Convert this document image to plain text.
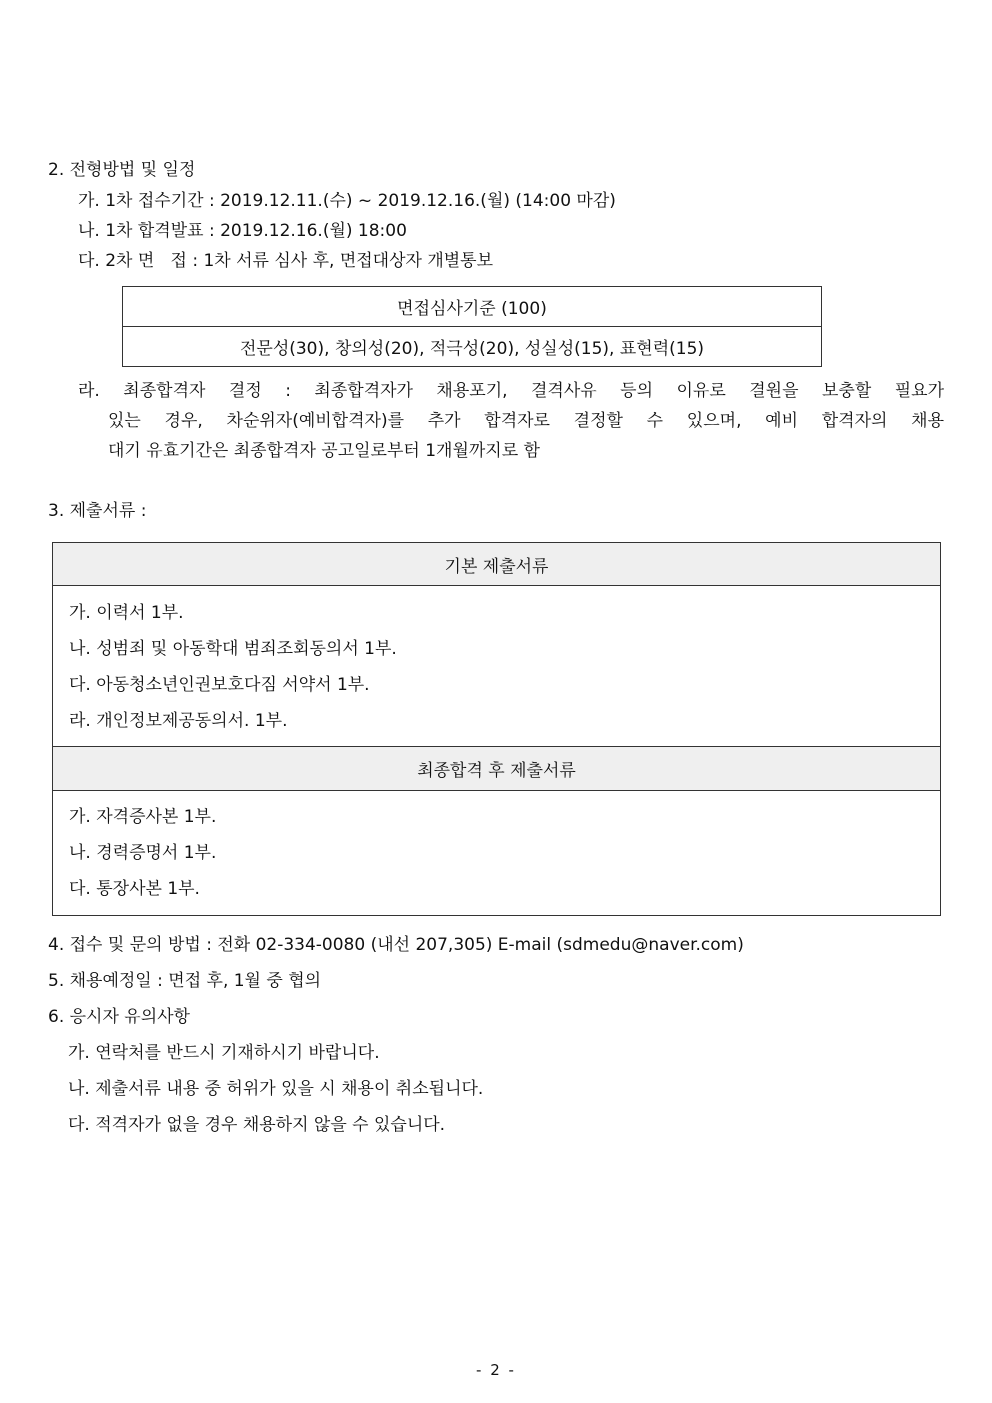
2. 전형방법 및 일정
가. 1차 접수기간 : 2019.12.11.(수) ~ 2019.12.16.(월) (14:00 마감)
나. 1차 합격발표 : 2019.12.16.(월) 18:00
다. 2차 면   접 : 1차 서류 심사 후, 면접대상자 개별통보
면접심사기준 (100)
전문성(30), 창의성(20), 적극성(20), 성실성(15), 표현력(15)
라. 최종합격자 결정 : 최종합격자가 채용포기, 결격사유 등의 이유로 결원을 보충할 필요가
있는 경우, 차순위자(예비합격자)를 추가 합격자로 결정할 수 있으며, 예비 합격자의 채용
대기 유효기간은 최종합격자 공고일로부터 1개월까지로 함
3. 제출서류 :
기본 제출서류
가. 이력서 1부.
나. 성범죄 및 아동학대 범죄조회동의서 1부.
다. 아동청소년인권보호다짐 서약서 1부.
라. 개인정보제공동의서. 1부.
최종합격 후 제출서류
가. 자격증사본 1부.
나. 경력증명서 1부.
다. 통장사본 1부.
4. 접수 및 문의 방법 : 전화 02-334-0080 (내선 207,305) E-mail (sdmedu@naver.com)
5. 채용예정일 : 면접 후, 1월 중 협의
6. 응시자 유의사항
가. 연락처를 반드시 기재하시기 바랍니다.
나. 제출서류 내용 중 허위가 있을 시 채용이 취소됩니다.
다. 적격자가 없을 경우 채용하지 않을 수 있습니다.
- 2 -
